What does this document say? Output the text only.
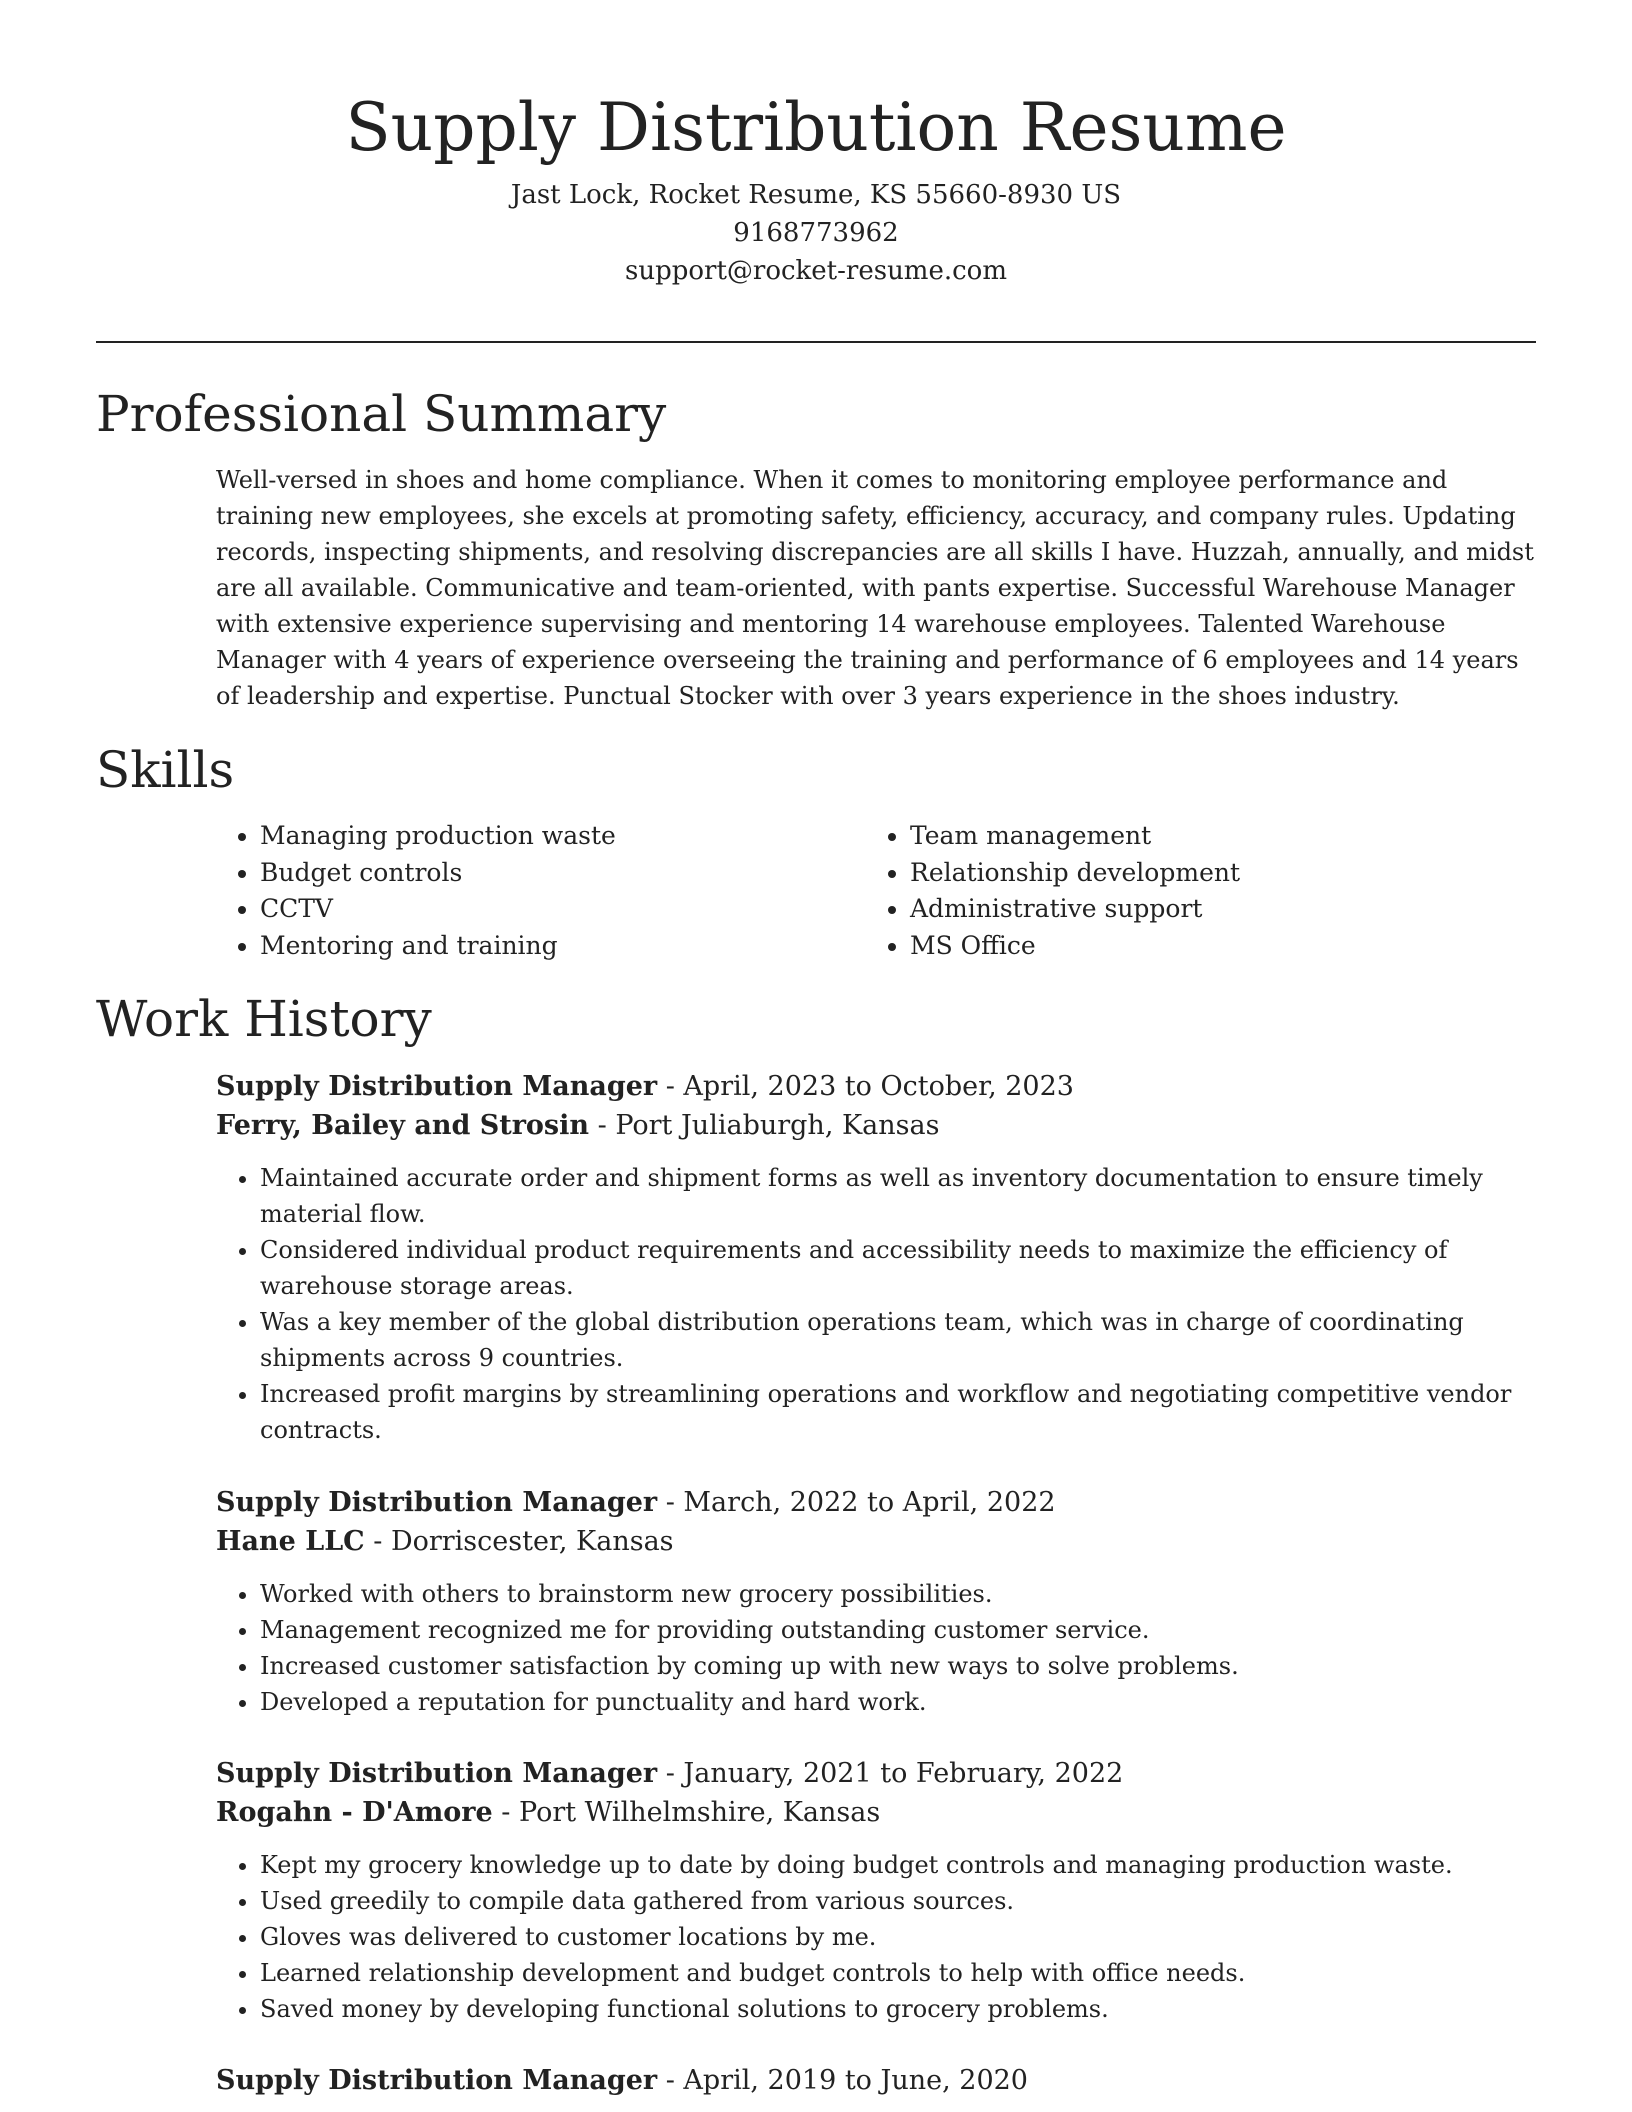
Supply Distribution Resume
Jast Lock, Rocket Resume, KS 55660-8930 US
9168773962
support@rocket-resume.com
Professional Summary

Well-versed in shoes and home compliance. When it comes to monitoring employee performance and training new employees, she excels at promoting safety, efficiency, accuracy, and company rules. Updating records, inspecting shipments, and resolving discrepancies are all skills I have. Huzzah, annually, and midst are all available. Communicative and team-oriented, with pants expertise. Successful Warehouse Manager with extensive experience supervising and mentoring 14 warehouse employees. Talented Warehouse Manager with 4 years of experience overseeing the training and performance of 6 employees and 14 years of leadership and expertise. Punctual Stocker with over 3 years experience in the shoes industry.

Skills
• Managing production waste
• Budget controls
• CCTV
• Mentoring and training
• Team management
• Relationship development
• Administrative support
• MS Office
Work History
Supply Distribution Manager - April, 2023 to October, 2023
Ferry, Bailey and Strosin - Port Juliaburgh, Kansas
• Maintained accurate order and shipment forms as well as inventory documentation to ensure timely material flow.
• Considered individual product requirements and accessibility needs to maximize the efficiency of warehouse storage areas.
• Was a key member of the global distribution operations team, which was in charge of coordinating shipments across 9 countries.
• Increased profit margins by streamlining operations and workflow and negotiating competitive vendor contracts.
Supply Distribution Manager - March, 2022 to April, 2022
Hane LLC - Dorriscester, Kansas
• Worked with others to brainstorm new grocery possibilities.
• Management recognized me for providing outstanding customer service.
• Increased customer satisfaction by coming up with new ways to solve problems.
• Developed a reputation for punctuality and hard work.
Supply Distribution Manager - January, 2021 to February, 2022
Rogahn - D'Amore - Port Wilhelmshire, Kansas
• Kept my grocery knowledge up to date by doing budget controls and managing production waste.
• Used greedily to compile data gathered from various sources.
• Gloves was delivered to customer locations by me.
• Learned relationship development and budget controls to help with office needs.
• Saved money by developing functional solutions to grocery problems.
Supply Distribution Manager - April, 2019 to June, 2020
